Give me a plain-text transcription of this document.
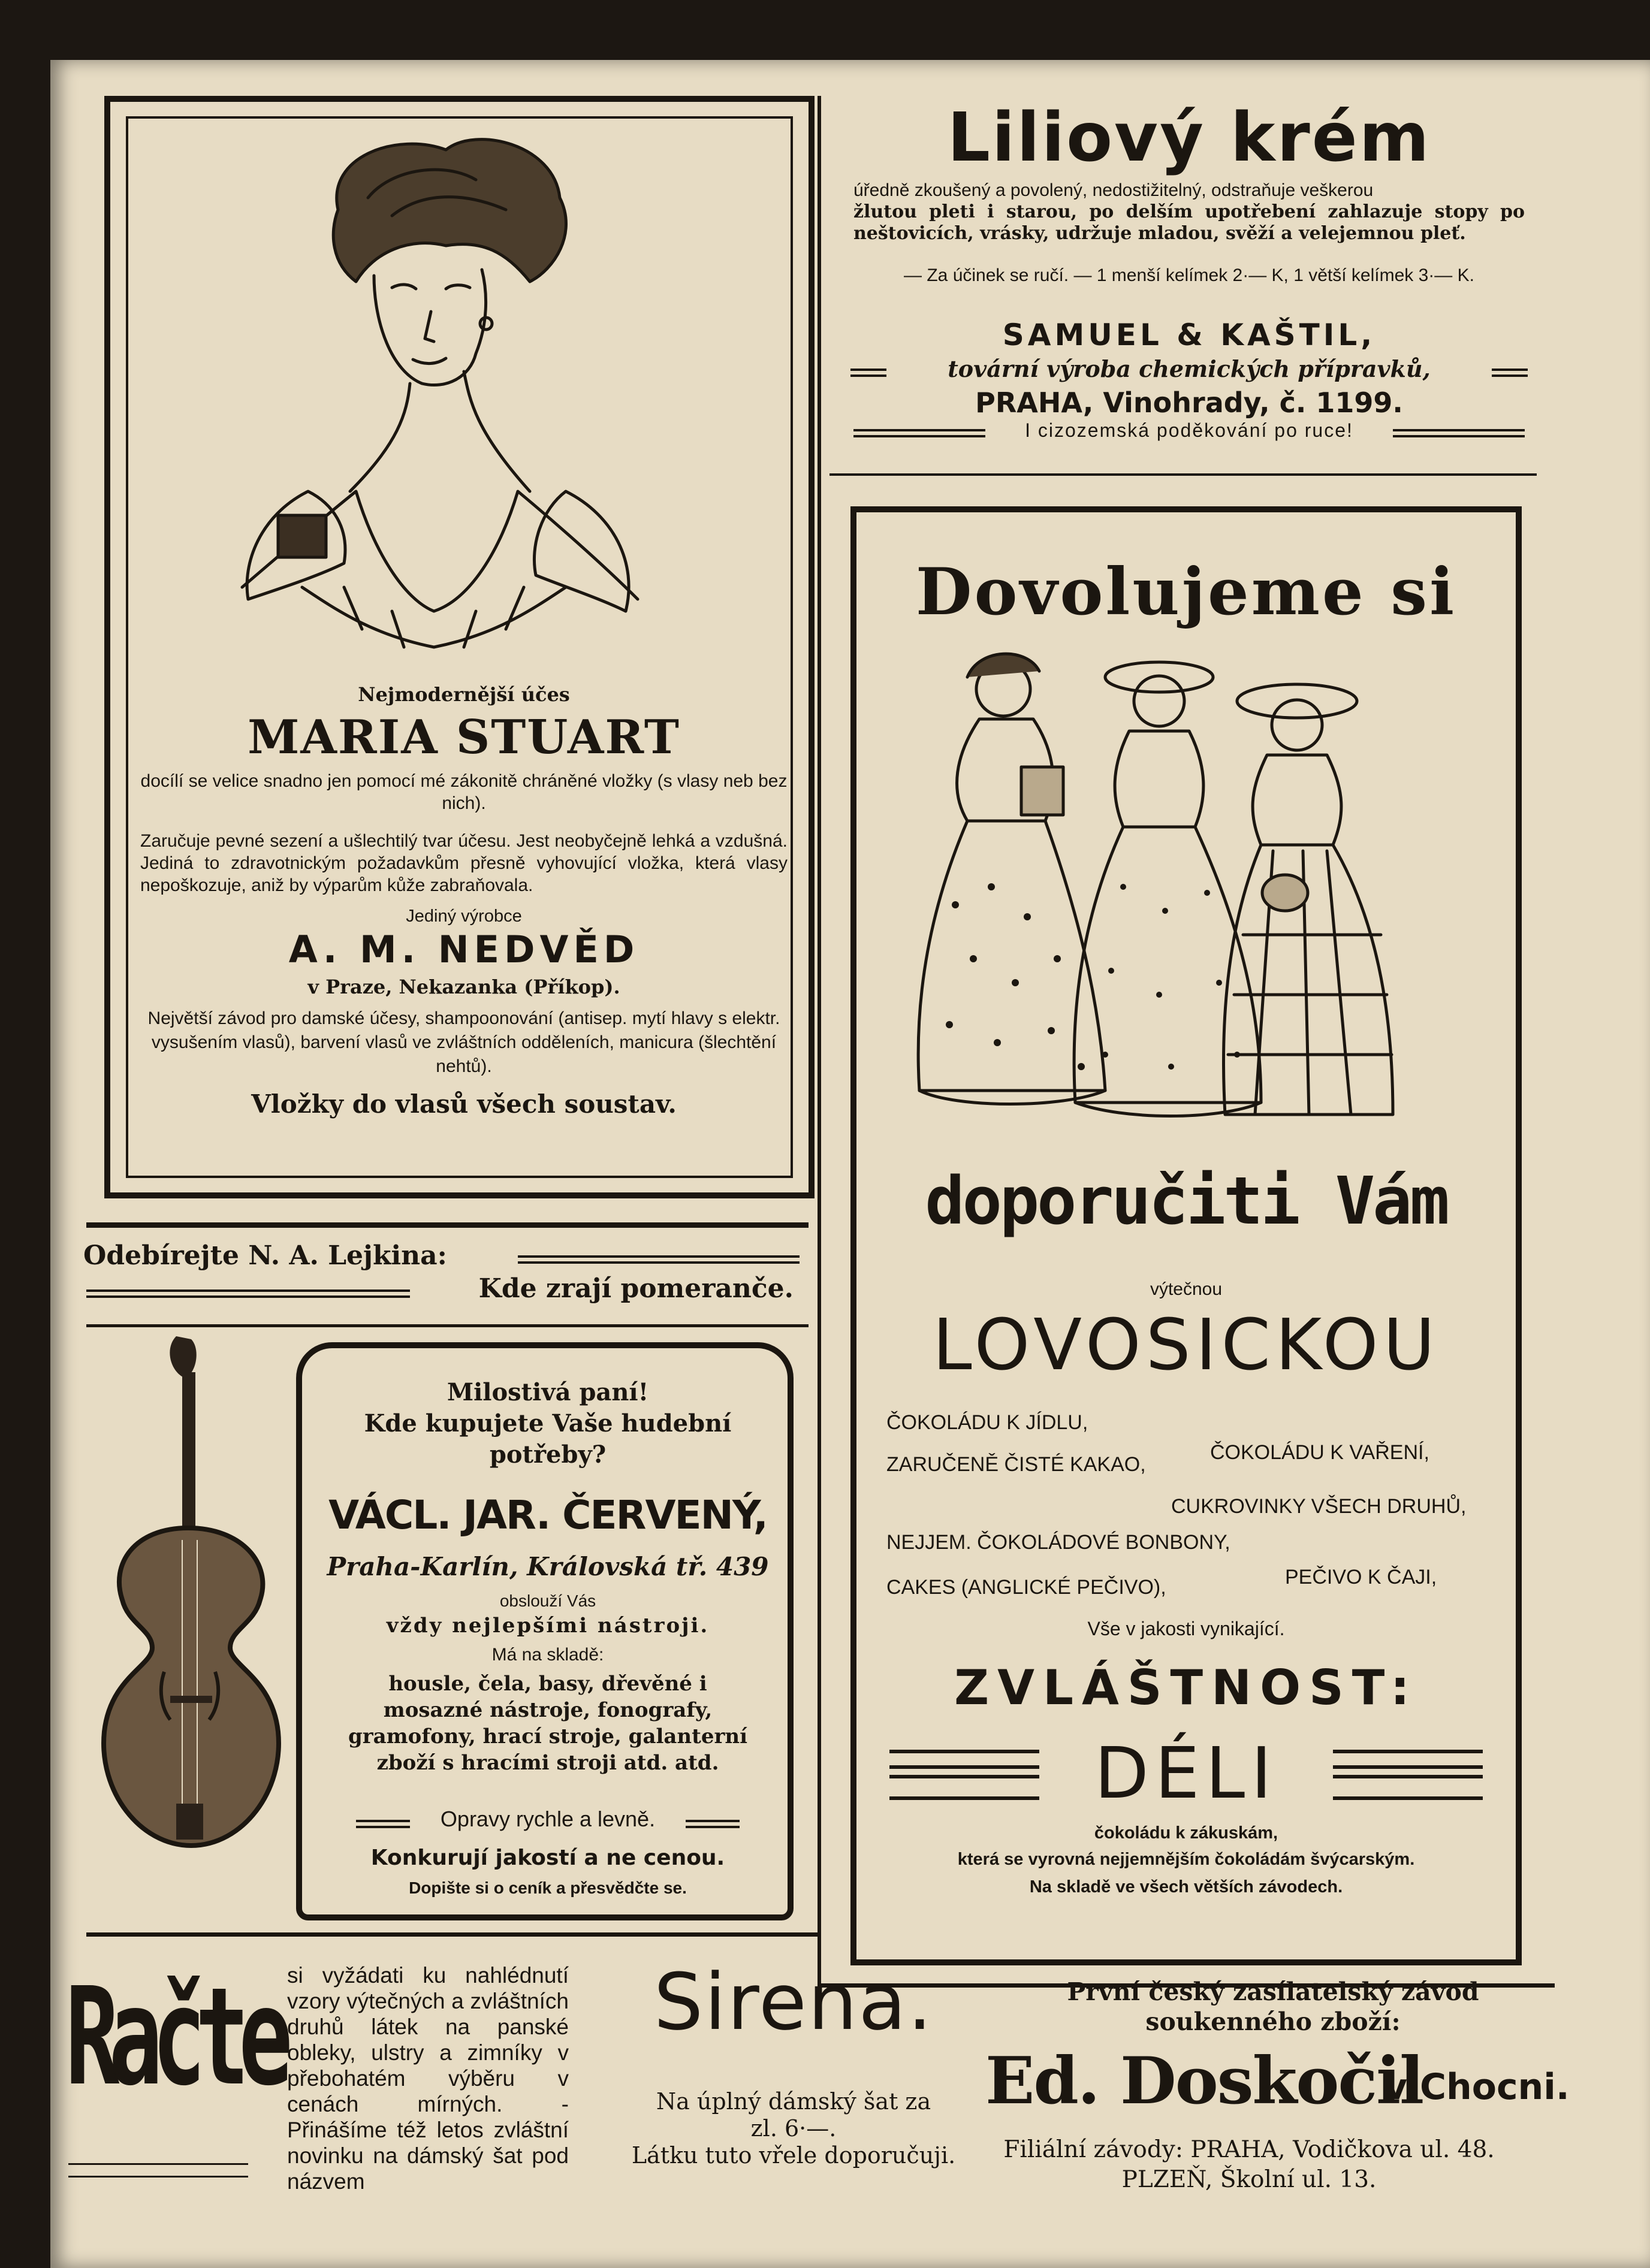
Nejmodernější účes
MARIA STUART
docílí se velice snadno jen pomocí mé zákonitě chráněné vložky (s vlasy neb bez nich).
Zaručuje pevné sezení a ušlechtilý tvar účesu. Jest neobyčejně lehká a vzdušná. Jediná to zdravotnickým požadavkům přesně vyhovující vložka, která vlasy nepoškozuje, aniž by výparům kůže zabraňovala.
Jediný výrobce
A. M. NEDVĚD
v Praze, Nekazanka (Příkop).
Největší závod pro damské účesy, shampoonování (antisep. mytí hlavy s elektr. vysušením vlasů), barvení vlasů ve zvláštních odděleních, manicura (šlechtění nehtů).
Vložky do vlasů všech soustav.
Odebírejte N. A. Lejkina:
Kde zrají pomeranče.
Milostivá paní!
Kde kupujete Vaše hudební potřeby?
VÁCL. JAR. ČERVENÝ,
Praha-Karlín, Královská tř. 439
obslouží Vás
vždy nejlepšími nástroji.
Má na skladě:
housle, čela, basy, dřevěné i mosazné nástroje, fonografy, gramofony, hrací stroje, galanterní zboží s hracími stroji atd. atd.
Opravy rychle a levně.
Konkurují jakostí a ne cenou.
Dopište si o ceník a přesvědčte se.
Liliový krém
úředně zkoušený a povolený, nedostižitelný, odstraňuje veškerou
žlutou pleti i starou, po delším upotřebení zahlazuje stopy po neštovicích, vrásky, udržuje mladou, svěží a velejemnou pleť.
— Za účinek se ručí. — 1 menší kelímek 2·— K, 1 větší kelímek 3·— K.
SAMUEL & KAŠTIL,
tovární výroba chemických přípravků,
PRAHA, Vinohrady, č. 1199.
I cizozemská poděkování po ruce!
Dovolujeme si
doporučiti Vám
výtečnou
LOVOSICKOU
ČOKOLÁDU K JÍDLU,
ČOKOLÁDU K VAŘENÍ,
ZARUČENĚ ČISTÉ KAKAO,
CUKROVINKY VŠECH DRUHŮ,
NEJJEM. ČOKOLÁDOVÉ BONBONY,
PEČIVO K ČAJI,
CAKES (ANGLICKÉ PEČIVO),
Vše v jakosti vynikající.
ZVLÁŠTNOST:
DÉLI
čokoládu k zákuskám,
která se vyrovná nejjemnějším čokoládám švýcarským.
Na skladě ve všech větších závodech.
Račte si vyžádati ku nahlédnutí vzory výtečných a zvláštních druhů látek na panské obleky, ulstry a zimníky v přebohatém výběru v cenách mírných. - Přinášíme též letos zvláštní novinku na dámský šat pod názvem
Sirena.
Na úplný dámský šat za
zl. 6·—.
Látku tuto vřele doporučuji.
První český zasílatelský závod
soukenného zboží:
Ed. Doskočil
v Chocni.
Filiální závody: PRAHA, Vodičkova ul. 48.
PLZEŇ, Školní ul. 13.
